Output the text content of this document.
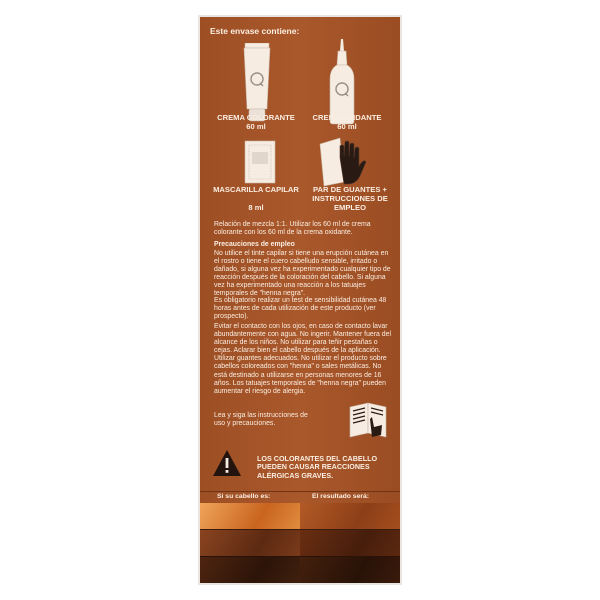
Este envase contiene:
CREMA COLORANTE
60 ml
CREMA OXIDANTE
60 ml
MASCARILLA CAPILAR
8 ml
PAR DE GUANTES + INSTRUCCIONES DE EMPLEO
Relación de mezcla 1:1. Utilizar los 60 ml de crema colorante con los 60 ml de la crema oxidante.
Precauciones de empleo
No utilice el tinte capilar si tiene una erupción cutánea en el rostro o tiene el cuero cabelludo sensible, irritado o dañado, si alguna vez ha experimentado cualquier tipo de reacción después de la coloración del cabello. Si alguna vez ha experimentado una reacción a los tatuajes temporales de "henna negra".
Es obligatorio realizar un test de sensibilidad cutánea 48 horas antes de cada utilización de este producto (ver prospecto).
Evitar el contacto con los ojos, en caso de contacto lavar abundantemente con agua. No ingerir. Mantener fuera del alcance de los niños. No utilizar para teñir pestañas o cejas. Aclarar bien el cabello después de la aplicación. Utilizar guantes adecuados. No utilizar el producto sobre cabellos coloreados con "henna" o sales metálicas. No está destinado a utilizarse en personas menores de 16 años. Los tatuajes temporales de "henna negra" pueden aumentar el riesgo de alergia.
Lea y siga las instrucciones de uso y precauciones.
LOS COLORANTES DEL CABELLO PUEDEN CAUSAR REACCIONES ALÉRGICAS GRAVES.
Si su cabello es:	El resultado será:
